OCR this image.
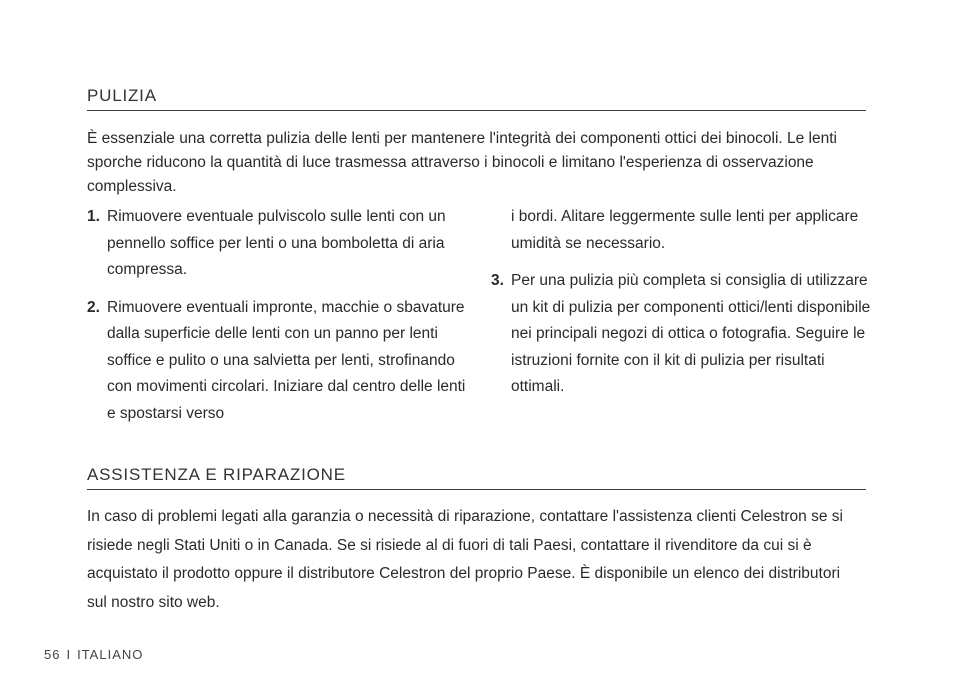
PULIZIA

È essenziale una corretta pulizia delle lenti per mantenere l'integrità dei componenti ottici dei binocoli. Le lenti sporche riducono la quantità di luce trasmessa attraverso i binocoli e limitano l'esperienza di osservazione complessiva.

1. Rimuovere eventuale pulviscolo sulle lenti con un pennello soffice per lenti o una bomboletta di aria compressa.
2. Rimuovere eventuali impronte, macchie o sbavature dalla superficie delle lenti con un panno per lenti soffice e pulito o una salvietta per lenti, strofinando con movimenti circolari. Iniziare dal centro delle lenti e spostarsi verso
i bordi. Alitare leggermente sulle lenti per applicare umidità se necessario.
3. Per una pulizia più completa si consiglia di utilizzare un kit di pulizia per componenti ottici/lenti disponibile nei principali negozi di ottica o fotografia. Seguire le istruzioni fornite con il kit di pulizia per risultati ottimali.
ASSISTENZA E RIPARAZIONE

In caso di problemi legati alla garanzia o necessità di riparazione, contattare l'assistenza clienti Celestron se si risiede negli Stati Uniti o in Canada. Se si risiede al di fuori di tali Paesi, contattare il rivenditore da cui si è acquistato il prodotto oppure il distributore Celestron del proprio Paese. È disponibile un elenco dei distributori sul nostro sito web.

56 I ITALIANO
